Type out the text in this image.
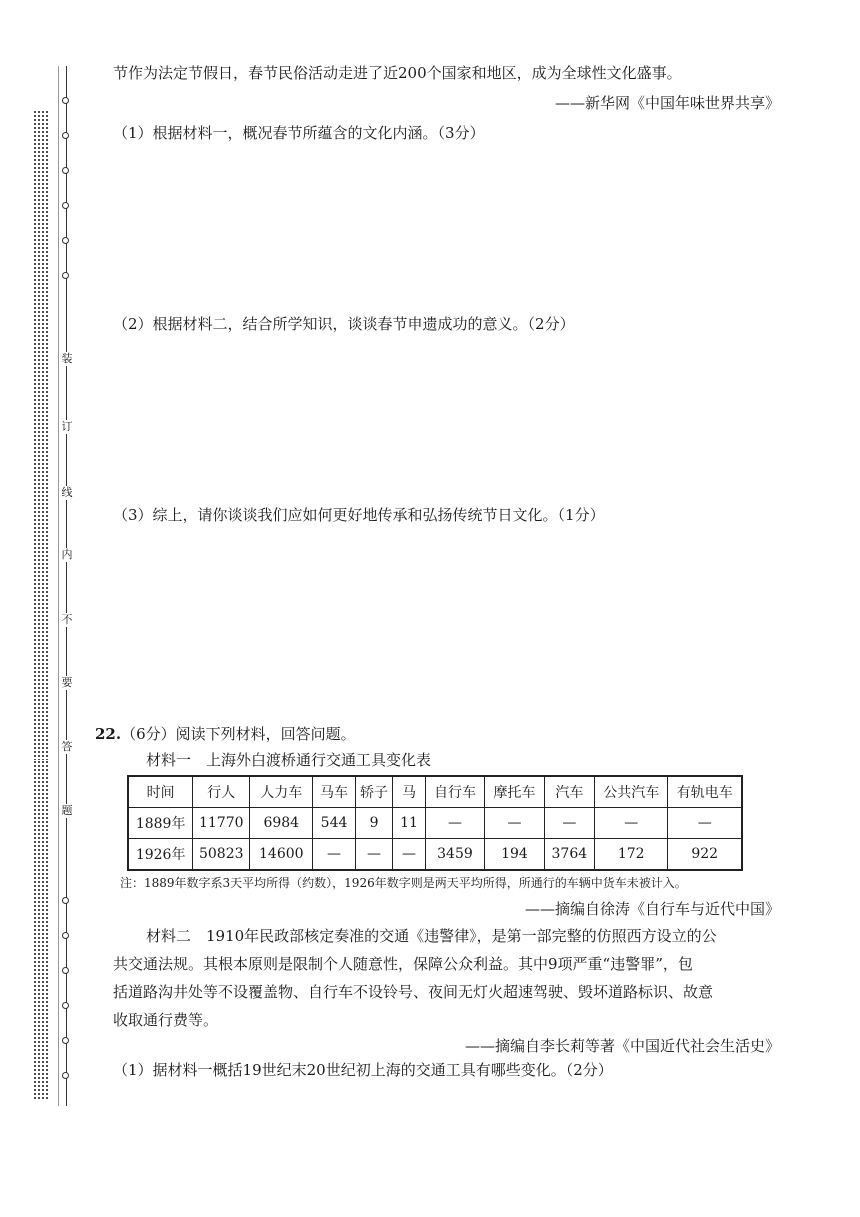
装
订
线
内
不
要
答
题
节作为法定节假日，春节民俗活动走进了近200个国家和地区，成为全球性文化盛事。
——新华网《中国年味世界共享》
（1）根据材料一，概况春节所蕴含的文化内涵。（3分）
（2）根据材料二，结合所学知识，谈谈春节申遗成功的意义。（2分）
（3）综上，请你谈谈我们应如何更好地传承和弘扬传统节日文化。（1分）
22.（6分）阅读下列材料，回答问题。
材料一　上海外白渡桥通行交通工具变化表
时间	行人	人力车	马车	轿子	马	自行车	摩托车	汽车	公共汽车	有轨电车
1889年	11770	6984	544	9	11	—	—	—	—	—
1926年	50823	14600	—	—	—	3459	194	3764	172	922
注：1889年数字系3天平均所得（约数），1926年数字则是两天平均所得，所通行的车辆中货车未被计入。
——摘编自徐涛《自行车与近代中国》
材料二　1910年民政部核定奏准的交通《违警律》，是第一部完整的仿照西方设立的公
共交通法规。其根本原则是限制个人随意性，保障公众利益。其中9项严重“违警罪”，包
括道路沟井处等不设覆盖物、自行车不设铃号、夜间无灯火超速驾驶、毁坏道路标识、故意
收取通行费等。
——摘编自李长莉等著《中国近代社会生活史》
（1）据材料一概括19世纪末20世纪初上海的交通工具有哪些变化。（2分）
